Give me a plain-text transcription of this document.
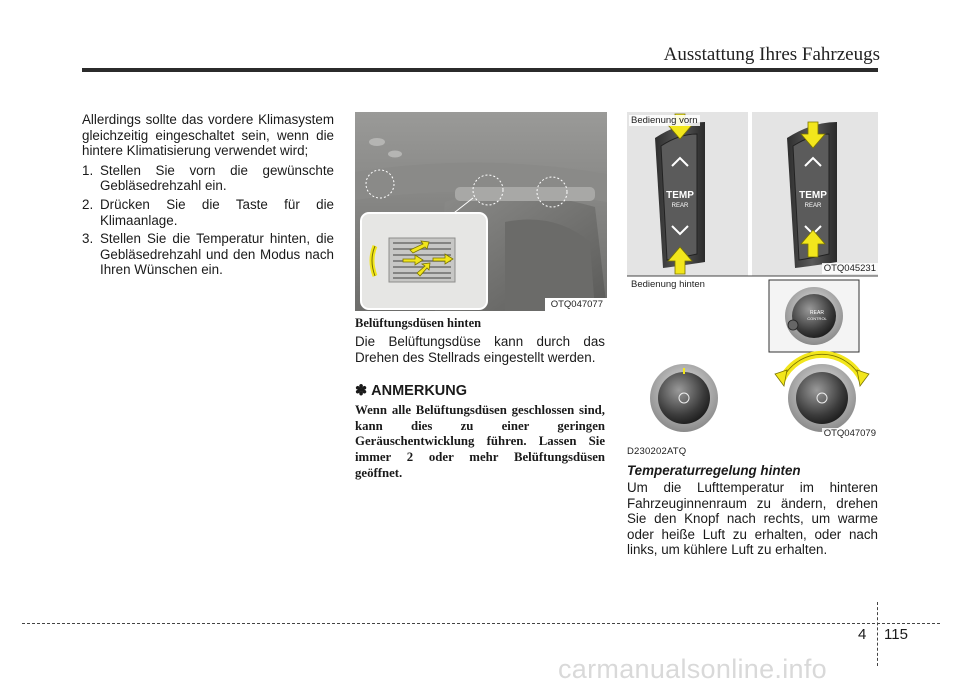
Ausstattung Ihres Fahrzeugs

Allerdings sollte das vordere Klimasystem gleichzeitig eingeschaltet sein, wenn die hintere Klimatisierung verwendet wird;

1. Stellen Sie vorn die gewünschte Gebläsedrehzahl ein.
2. Drücken Sie die Taste für die Klimaanlage.
3. Stellen Sie die Temperatur hinten, die Gebläsedrehzahl und den Modus nach Ihren Wünschen ein.
OTQ047077

Belüftungsdüsen hinten

Die Belüftungsdüse kann durch das Drehen des Stellrads eingestellt werden.

✽ ANMERKUNG

Wenn alle Belüftungsdüsen geschlossen sind, kann dies zu einer geringen Geräuschentwicklung führen. Lassen Sie immer 2 oder mehr Belüftungsdüsen geöffnet.

TEMP
REAR
TEMP
REAR
REAR
CONTROL
Bedienung vorn
Bedienung hinten
OTQ045231
OTQ047079

D230202ATQ

Temperaturregelung hinten

Um die Lufttemperatur im hinteren Fahrzeuginnenraum zu ändern, drehen Sie den Knopf nach rechts, um warme oder heiße Luft zu erhalten, oder nach links, um kühlere Luft zu erhalten.

4 115
carmanualsonline.info
